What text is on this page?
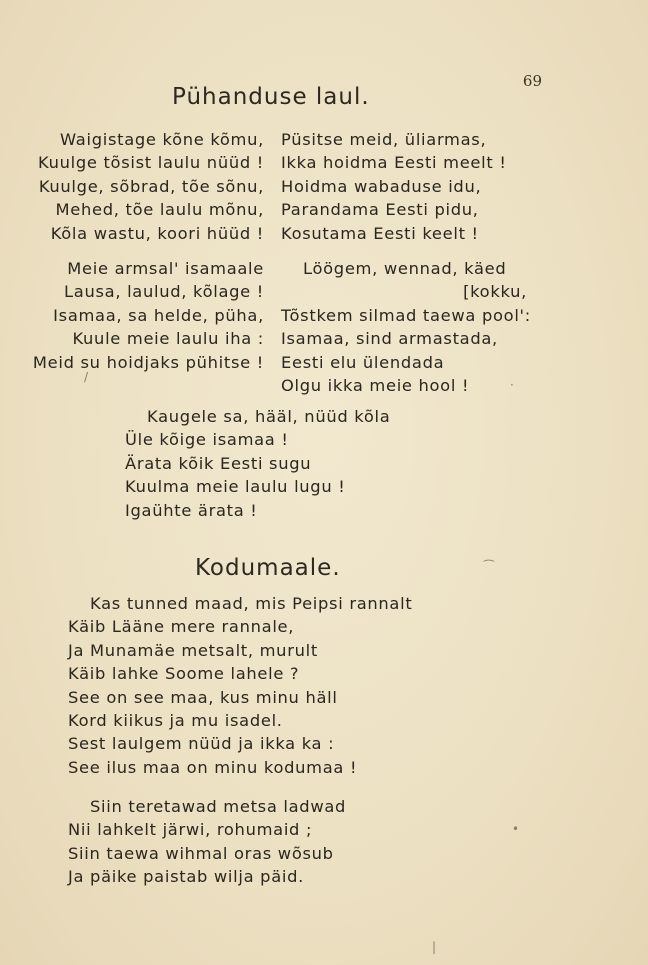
69
Pühanduse laul.
Waigistage kõne kõmu,
Kuulge tõsist laulu nüüd !
Kuulge, sõbrad, tõe sõnu,
Mehed, tõe laulu mõnu,
Kõla wastu, koori hüüd !
Püsitse meid, üliarmas,
Ikka hoidma Eesti meelt !
Hoidma wabaduse idu,
Parandama Eesti pidu,
Kosutama Eesti keelt !
Meie armsal' isamaale
Lausa, laulud, kõlage !
Isamaa, sa helde, püha,
Kuule meie laulu iha :
Meid su hoidjaks pühitse !
Löögem, wennad, käed
[kokku,
Tõstkem silmad taewa pool':
Isamaa, sind armastada,
Eesti elu ülendada
Olgu ikka meie hool !
Kaugele sa, hääl, nüüd kõla
Üle kõige isamaa !
Ärata kõik Eesti sugu
Kuulma meie laulu lugu !
Igaühte ärata !
Kodumaale.
Kas tunned maad, mis Peipsi rannalt
Käib Lääne mere rannale,
Ja Munamäe metsalt, murult
Käib lahke Soome lahele ?
See on see maa, kus minu häll
Kord kiikus ja mu isadel.
Sest laulgem nüüd ja ikka ka :
See ilus maa on minu kodumaa !
Siin teretawad metsa ladwad
Nii lahkelt järwi, rohumaid ;
Siin taewa wihmal oras wõsub
Ja päike paistab wilja päid.
/
⁀
•
|
·
